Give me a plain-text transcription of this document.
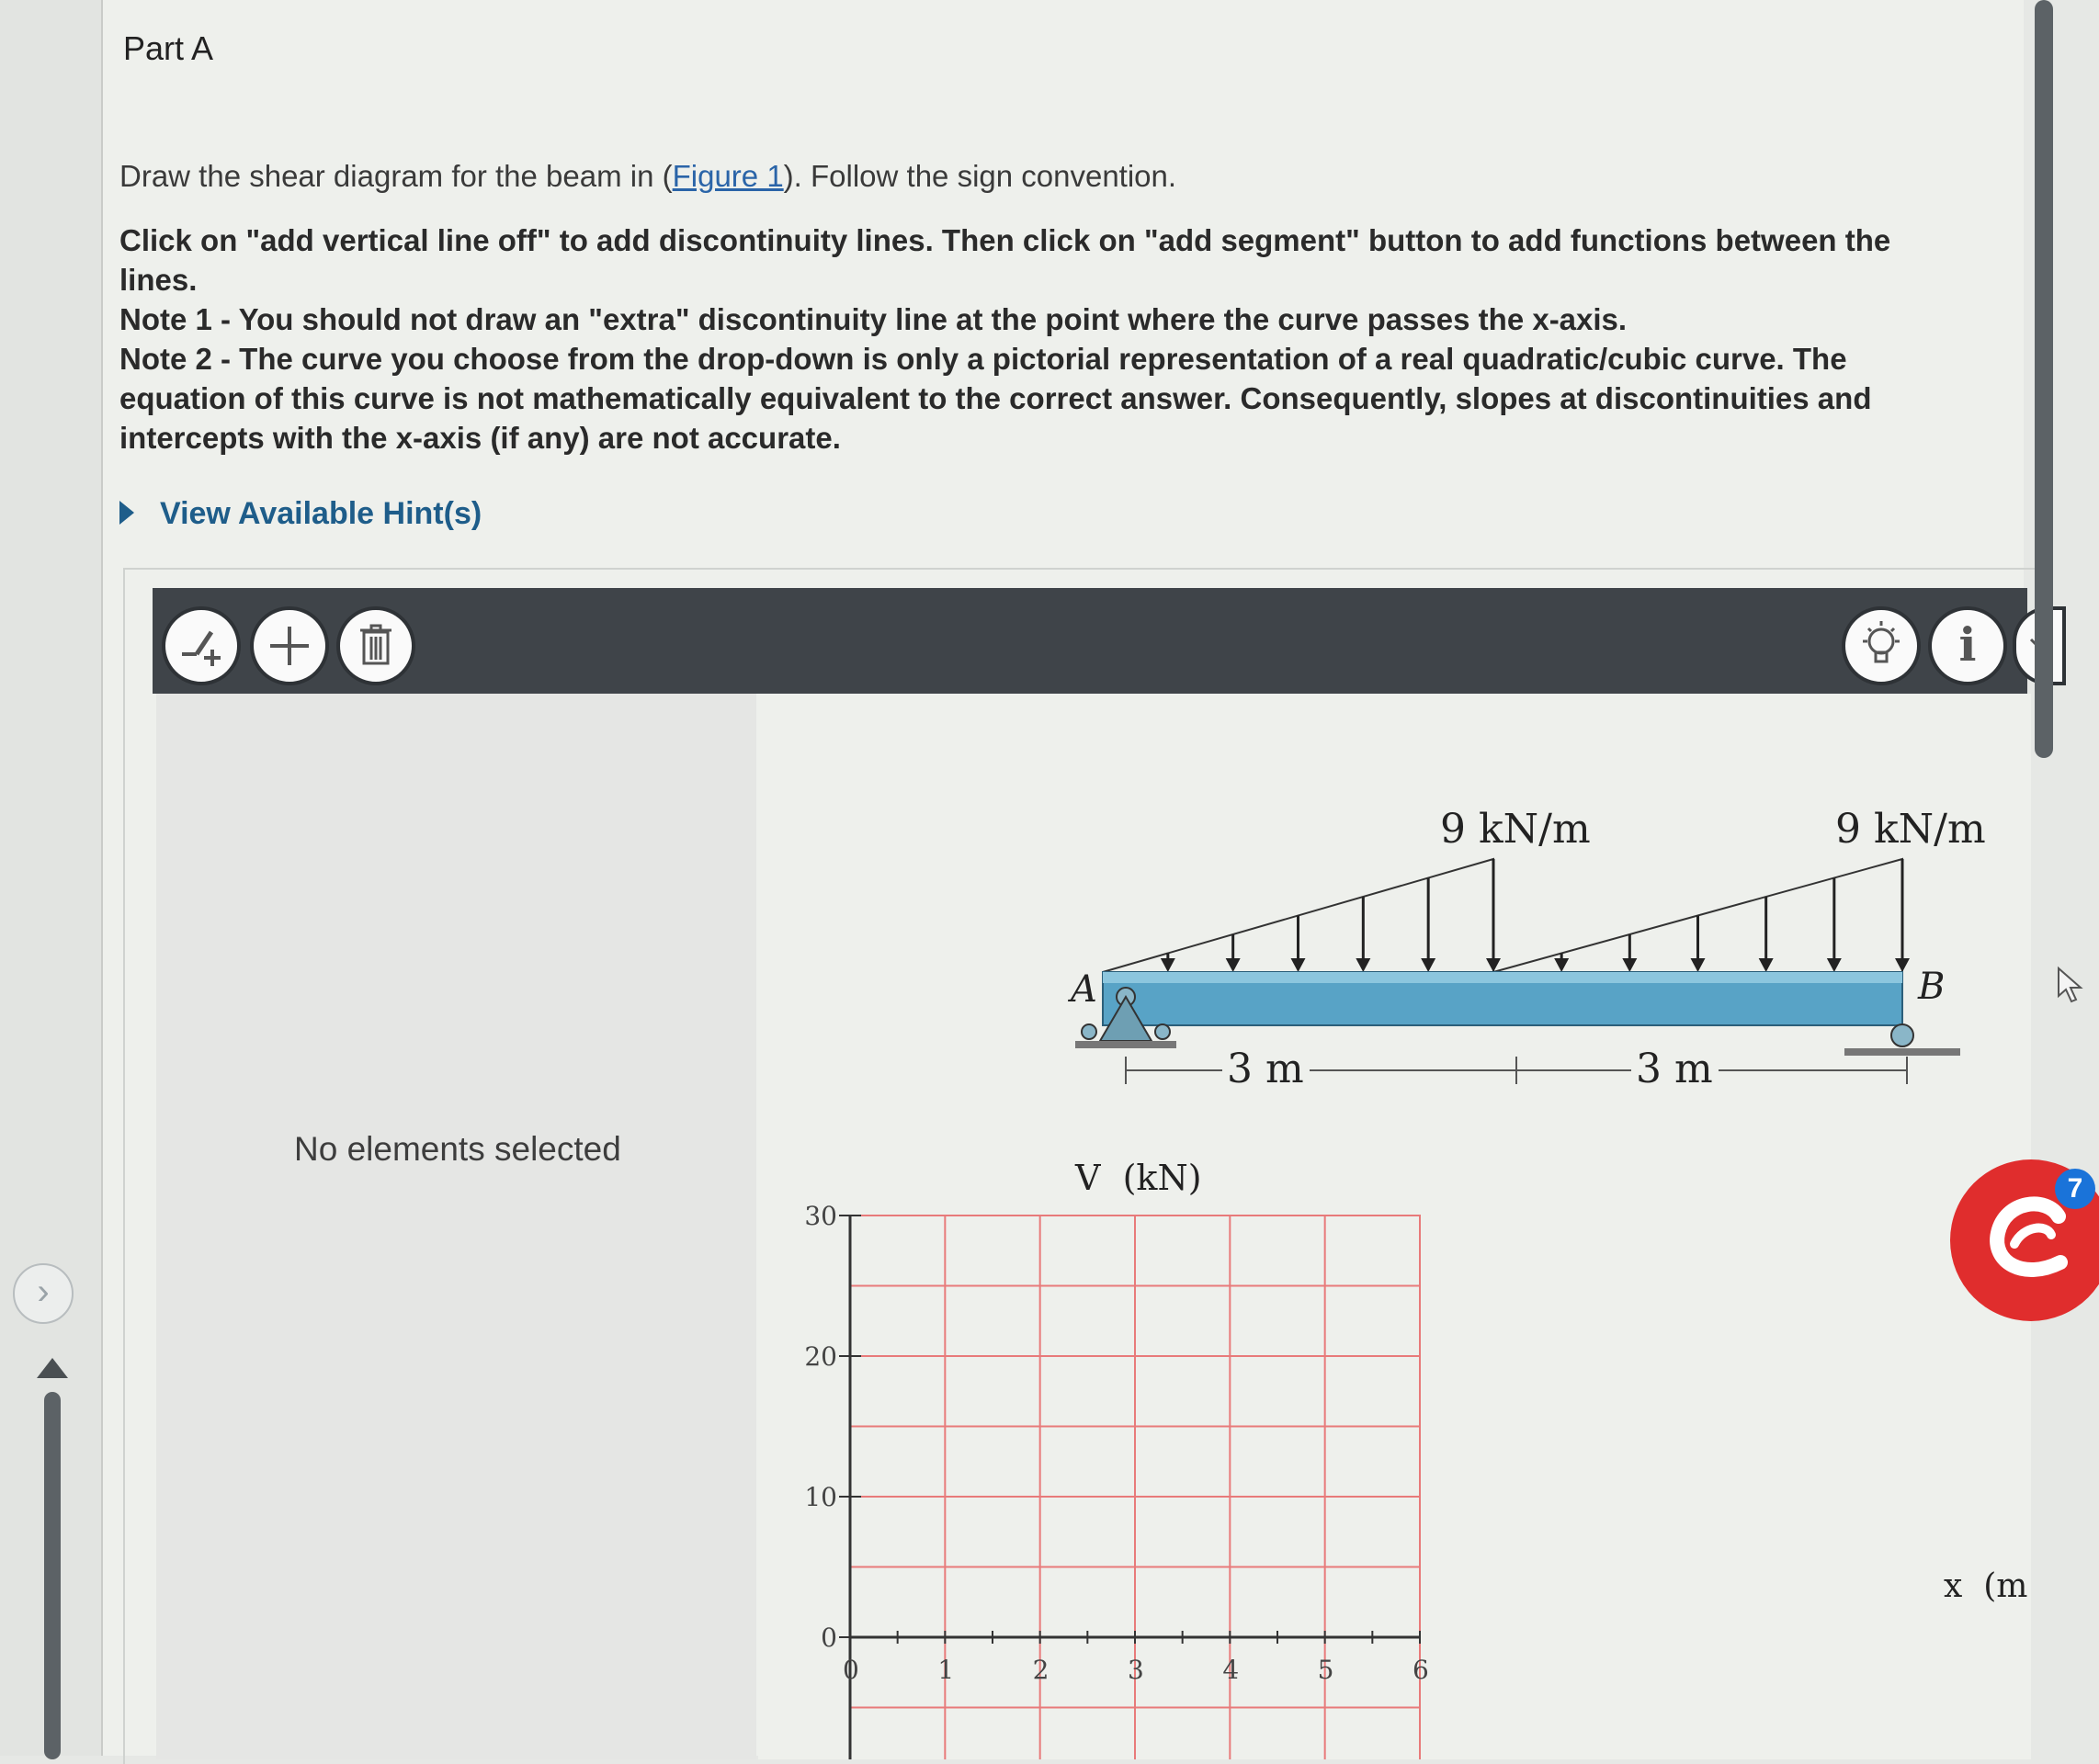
›
Part A
Draw the shear diagram for the beam in (Figure 1). Follow the sign convention.
Click on "add vertical line off" to add discontinuity lines. Then click on "add segment" button to add functions between the lines.
Note 1 - You should not draw an "extra" discontinuity line at the point where the curve passes the x-axis.
Note 2 - The curve you choose from the drop-down is only a pictorial representation of a real quadratic/cubic curve. The equation of this curve is not mathematically equivalent to the correct answer. Consequently, slopes at discontinuities and intercepts with the x-axis (if any) are not accurate.
View Available Hint(s)
i
No elements selected
A	B
9 kN/m	9 kN/m
3 m	3 m
V  (kN)
0	1	2	3	4	5	6
30
20
10
0
x  (m
7
